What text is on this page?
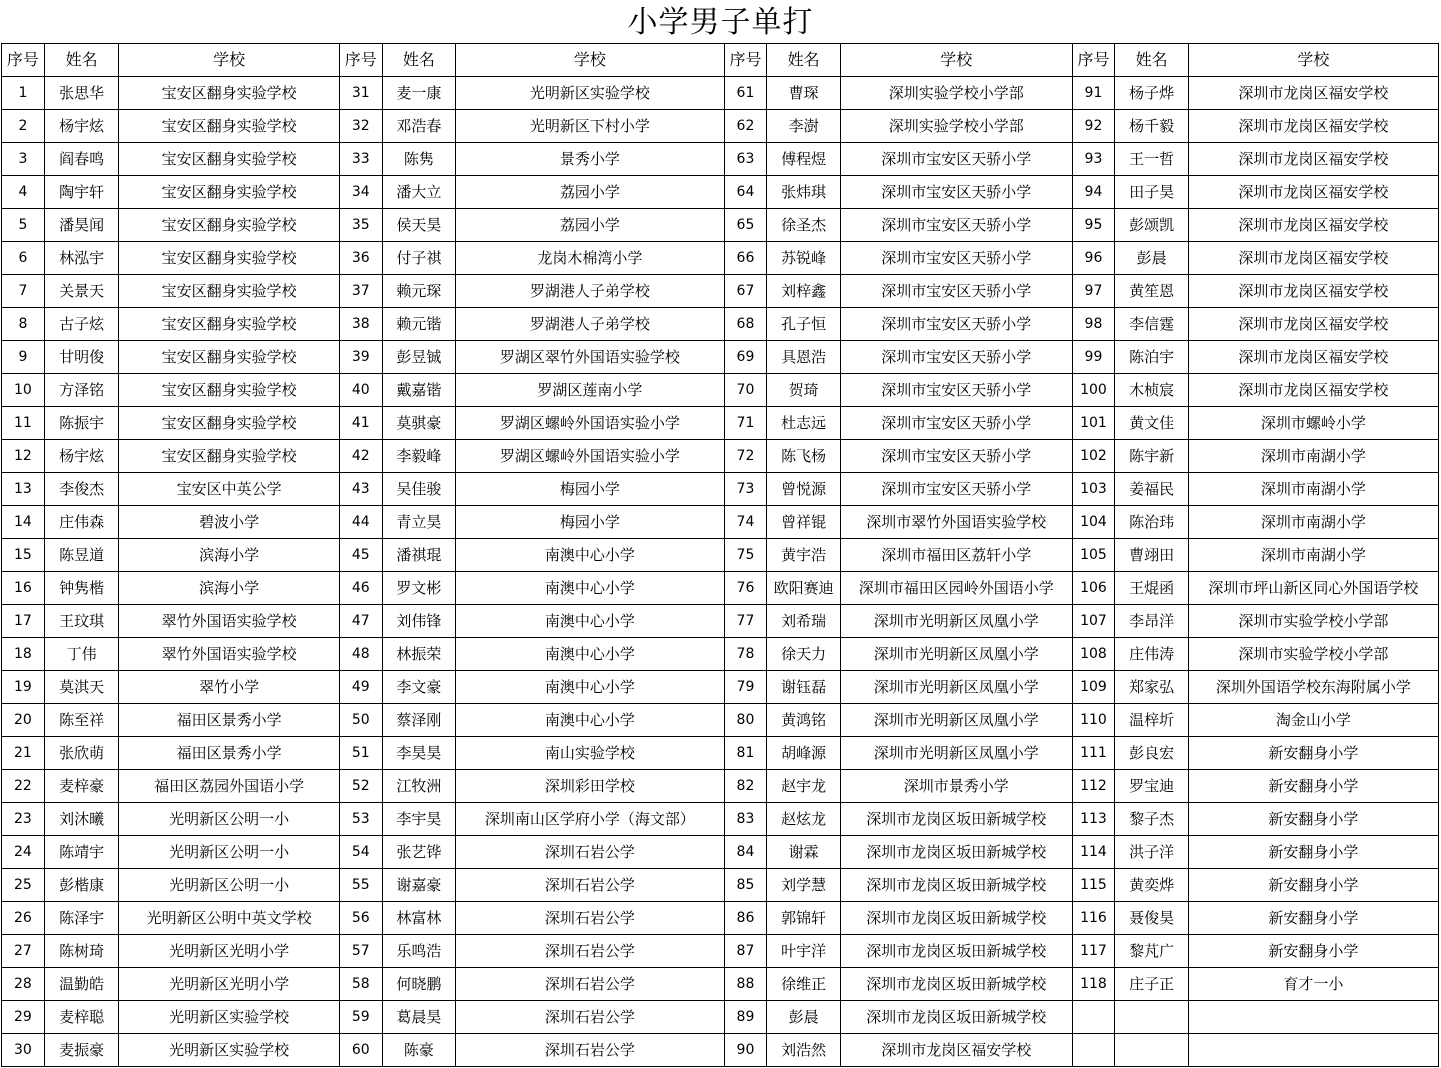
小学男子单打
序号	姓名	学校	序号	姓名	学校	序号	姓名	学校	序号	姓名	学校
1	张思华	宝安区翻身实验学校	31	麦一康	光明新区实验学校	61	曹琛	深圳实验学校小学部	91	杨子烨	深圳市龙岗区福安学校
2	杨宇炫	宝安区翻身实验学校	32	邓浩春	光明新区下村小学	62	李澍	深圳实验学校小学部	92	杨千毅	深圳市龙岗区福安学校
3	阎春鸣	宝安区翻身实验学校	33	陈隽	景秀小学	63	傅程煜	深圳市宝安区天骄小学	93	王一哲	深圳市龙岗区福安学校
4	陶宇轩	宝安区翻身实验学校	34	潘大立	荔园小学	64	张炜琪	深圳市宝安区天骄小学	94	田子昊	深圳市龙岗区福安学校
5	潘昊闻	宝安区翻身实验学校	35	侯天昊	荔园小学	65	徐圣杰	深圳市宝安区天骄小学	95	彭颂凯	深圳市龙岗区福安学校
6	林泓宇	宝安区翻身实验学校	36	付子祺	龙岗木棉湾小学	66	苏锐峰	深圳市宝安区天骄小学	96	彭晨	深圳市龙岗区福安学校
7	关景天	宝安区翻身实验学校	37	赖元琛	罗湖港人子弟学校	67	刘梓鑫	深圳市宝安区天骄小学	97	黄笙恩	深圳市龙岗区福安学校
8	古子炫	宝安区翻身实验学校	38	赖元锴	罗湖港人子弟学校	68	孔子恒	深圳市宝安区天骄小学	98	李信霆	深圳市龙岗区福安学校
9	甘明俊	宝安区翻身实验学校	39	彭昱铖	罗湖区翠竹外国语实验学校	69	具恩浩	深圳市宝安区天骄小学	99	陈泊宇	深圳市龙岗区福安学校
10	方泽铭	宝安区翻身实验学校	40	戴嘉锴	罗湖区莲南小学	70	贺琦	深圳市宝安区天骄小学	100	木桢宸	深圳市龙岗区福安学校
11	陈振宇	宝安区翻身实验学校	41	莫骐豪	罗湖区螺岭外国语实验小学	71	杜志远	深圳市宝安区天骄小学	101	黄文佳	深圳市螺岭小学
12	杨宇炫	宝安区翻身实验学校	42	李毅峰	罗湖区螺岭外国语实验小学	72	陈飞杨	深圳市宝安区天骄小学	102	陈宇新	深圳市南湖小学
13	李俊杰	宝安区中英公学	43	吴佳骏	梅园小学	73	曾悦源	深圳市宝安区天骄小学	103	姜福民	深圳市南湖小学
14	庄伟森	碧波小学	44	青立昊	梅园小学	74	曾祥锟	深圳市翠竹外国语实验学校	104	陈治玮	深圳市南湖小学
15	陈昱道	滨海小学	45	潘祺琨	南澳中心小学	75	黄宇浩	深圳市福田区荔轩小学	105	曹翊田	深圳市南湖小学
16	钟隽楷	滨海小学	46	罗文彬	南澳中心小学	76	欧阳赛迪	深圳市福田区园岭外国语小学	106	王焜函	深圳市坪山新区同心外国语学校
17	王玟琪	翠竹外国语实验学校	47	刘伟锋	南澳中心小学	77	刘希瑞	深圳市光明新区凤凰小学	107	李昂洋	深圳市实验学校小学部
18	丁伟	翠竹外国语实验学校	48	林振荣	南澳中心小学	78	徐天力	深圳市光明新区凤凰小学	108	庄伟涛	深圳市实验学校小学部
19	莫淇天	翠竹小学	49	李文豪	南澳中心小学	79	谢钰磊	深圳市光明新区凤凰小学	109	郑家弘	深圳外国语学校东海附属小学
20	陈至祥	福田区景秀小学	50	蔡泽刚	南澳中心小学	80	黄鸿铭	深圳市光明新区凤凰小学	110	温梓圻	淘金山小学
21	张欣萌	福田区景秀小学	51	李昊昊	南山实验学校	81	胡峰源	深圳市光明新区凤凰小学	111	彭良宏	新安翻身小学
22	麦梓豪	福田区荔园外国语小学	52	江牧洲	深圳彩田学校	82	赵宇龙	深圳市景秀小学	112	罗宝迪	新安翻身小学
23	刘沐曦	光明新区公明一小	53	李宇昊	深圳南山区学府小学（海文部）	83	赵炫龙	深圳市龙岗区坂田新城学校	113	黎子杰	新安翻身小学
24	陈靖宇	光明新区公明一小	54	张艺铧	深圳石岩公学	84	谢霖	深圳市龙岗区坂田新城学校	114	洪子洋	新安翻身小学
25	彭楷康	光明新区公明一小	55	谢嘉豪	深圳石岩公学	85	刘学慧	深圳市龙岗区坂田新城学校	115	黄奕烨	新安翻身小学
26	陈泽宇	光明新区公明中英文学校	56	林富林	深圳石岩公学	86	郭锦轩	深圳市龙岗区坂田新城学校	116	聂俊昊	新安翻身小学
27	陈树琦	光明新区光明小学	57	乐鸣浩	深圳石岩公学	87	叶宇洋	深圳市龙岗区坂田新城学校	117	黎芃广	新安翻身小学
28	温勤皓	光明新区光明小学	58	何晓鹏	深圳石岩公学	88	徐维正	深圳市龙岗区坂田新城学校	118	庄子正	育才一小
29	麦梓聪	光明新区实验学校	59	葛晨昊	深圳石岩公学	89	彭晨	深圳市龙岗区坂田新城学校			
30	麦振豪	光明新区实验学校	60	陈豪	深圳石岩公学	90	刘浩然	深圳市龙岗区福安学校			
